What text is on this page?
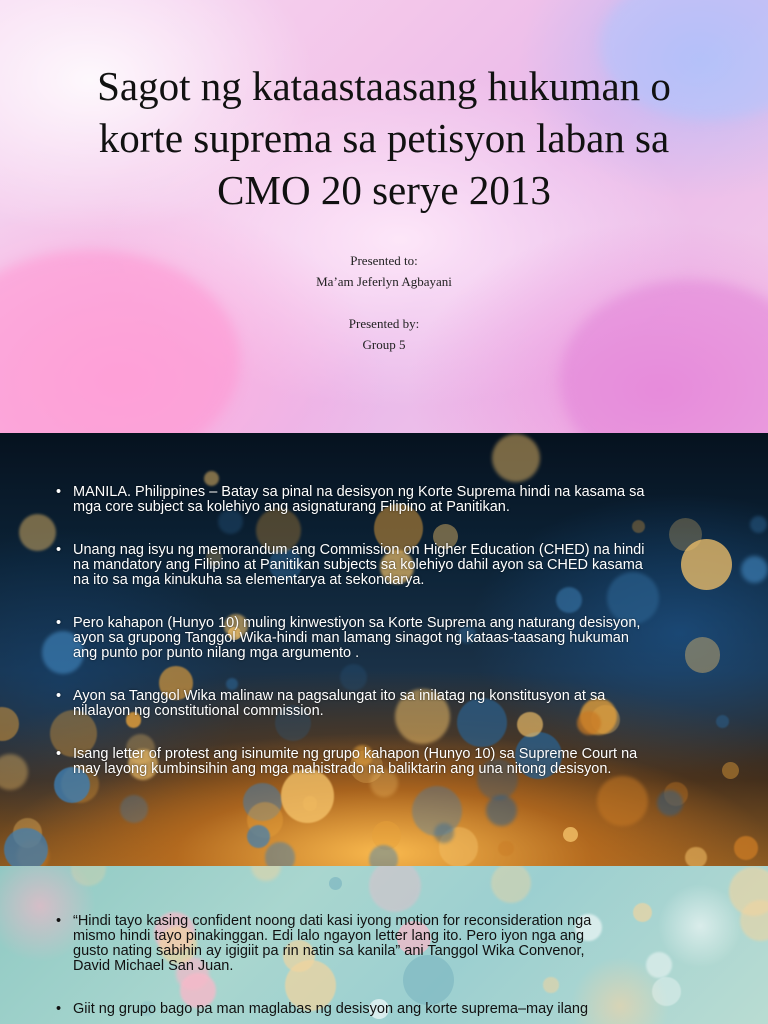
Sagot ng kataastaasang hukuman o
korte suprema sa petisyon laban sa
CMO 20 serye 2013
Presented to:
Ma’am Jeferlyn Agbayani
Presented by:
Group 5
• MANILA. Philippines – Batay sa pinal na desisyon ng Korte Suprema hindi na kasama sa
mga core subject sa kolehiyo ang asignaturang Filipino at Panitikan.
• Unang nag isyu ng memorandum ang Commission on Higher Education (CHED) na hindi
na mandatory ang Filipino at Panitikan subjects sa kolehiyo dahil ayon sa CHED kasama
na ito sa mga kinukuha sa elementarya at sekondarya.
• Pero kahapon (Hunyo 10) muling kinwestiyon sa Korte Suprema ang naturang desisyon,
ayon sa grupong Tanggol Wika-hindi man lamang sinagot ng kataas-taasang hukuman
ang punto por punto nilang mga argumento .
• Ayon sa Tanggol Wika malinaw na pagsalungat ito sa inilatag ng konstitusyon at sa
nilalayon ng constitutional commission.
• Isang letter of protest ang isinumite ng grupo kahapon (Hunyo 10) sa Supreme Court na
may layong kumbinsihin ang mga mahistrado na baliktarin ang una nitong desisyon.
• “Hindi tayo kasing confident noong dati kasi iyong motion for reconsideration nga
mismo hindi tayo pinakinggan. Edi lalo ngayon letter lang ito. Pero iyon nga ang
gusto nating sabihin ay igigiit pa rin natin sa kanila” ani Tanggol Wika Convenor,
David Michael San Juan.
• Giit ng grupo bago pa man maglabas ng desisyon ang korte suprema–may ilang
